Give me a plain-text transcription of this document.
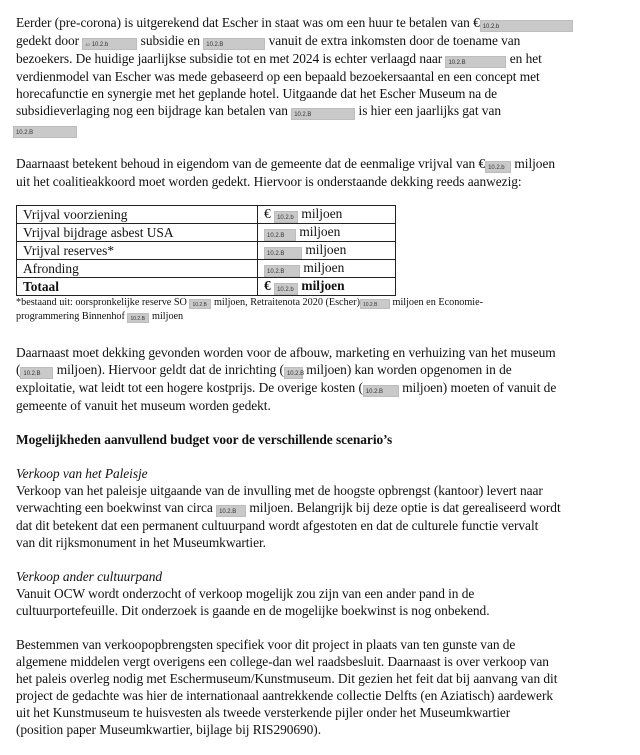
Eerder (pre-corona) is uitgerekend dat Escher in staat was om een huur te betalen van € 10.2.b
gedekt door 10 10.2.b subsidie en 10.2.B	vanuit de extra inkomsten door de toename van
bezoekers. De huidige jaarlijkse subsidie tot en met 2024 is echter verlaagd naar 10.2.B	en het
verdienmodel van Escher was mede gebaseerd op een bepaald bezoekersaantal en een concept met
horecafunctie en synergie met het geplande hotel. Uitgaande dat het Escher Museum na de
subsidieverlaging nog een bijdrage kan betalen van 10.2.B	is hier een jaarlijks gat van
10.2.B
Daarnaast betekent behoud in eigendom van de gemeente dat de eenmalige vrijval van € 10.2.b miljoen
uit het coalitieakkoord moet worden gedekt. Hiervoor is onderstaande dekking reeds aanwezig:
Vrijval voorziening	€ 10.2.b miljoen
Vrijval bijdrage asbest USA	10.2.B miljoen
Vrijval reserves*	10.2.B miljoen
Afronding	10.2.B miljoen
Totaal	€ 10.2.b miljoen
*bestaand uit: oorspronkelijke reserve SO 10.2.B miljoen, Retraitenota 2020 (Escher) 10.2.B miljoen en Economie-
programmering Binnenhof 10.2.B miljoen
Daarnaast moet dekking gevonden worden voor de afbouw, marketing en verhuizing van het museum
( 10.2.B miljoen). Hiervoor geldt dat de inrichting ( 10.2.B miljoen) kan worden opgenomen in de
exploitatie, wat leidt tot een hogere kostprijs. De overige kosten ( 10.2.B miljoen) moeten of vanuit de
gemeente of vanuit het museum worden gedekt.
Mogelijkheden aanvullend budget voor de verschillende scenario’s
Verkoop van het Paleisje
Verkoop van het paleisje uitgaande van de invulling met de hoogste opbrengst (kantoor) levert naar
verwachting een boekwinst van circa 10.2.B miljoen. Belangrijk bij deze optie is dat gerealiseerd wordt
dat dit betekent dat een permanent cultuurpand wordt afgestoten en dat de culturele functie vervalt
van dit rijksmonument in het Museumkwartier.
Verkoop ander cultuurpand
Vanuit OCW wordt onderzocht of verkoop mogelijk zou zijn van een ander pand in de
cultuurportefeuille. Dit onderzoek is gaande en de mogelijke boekwinst is nog onbekend.
Bestemmen van verkoopopbrengsten specifiek voor dit project in plaats van ten gunste van de
algemene middelen vergt overigens een college-dan wel raadsbesluit. Daarnaast is over verkoop van
het paleis overleg nodig met Eschermuseum/Kunstmuseum. Dit gezien het feit dat bij aanvang van dit
project de gedachte was hier de internationaal aantrekkende collectie Delfts (en Aziatisch) aardewerk
uit het Kunstmuseum te huisvesten als tweede versterkende pijler onder het Museumkwartier
(position paper Museumkwartier, bijlage bij RIS290690).
